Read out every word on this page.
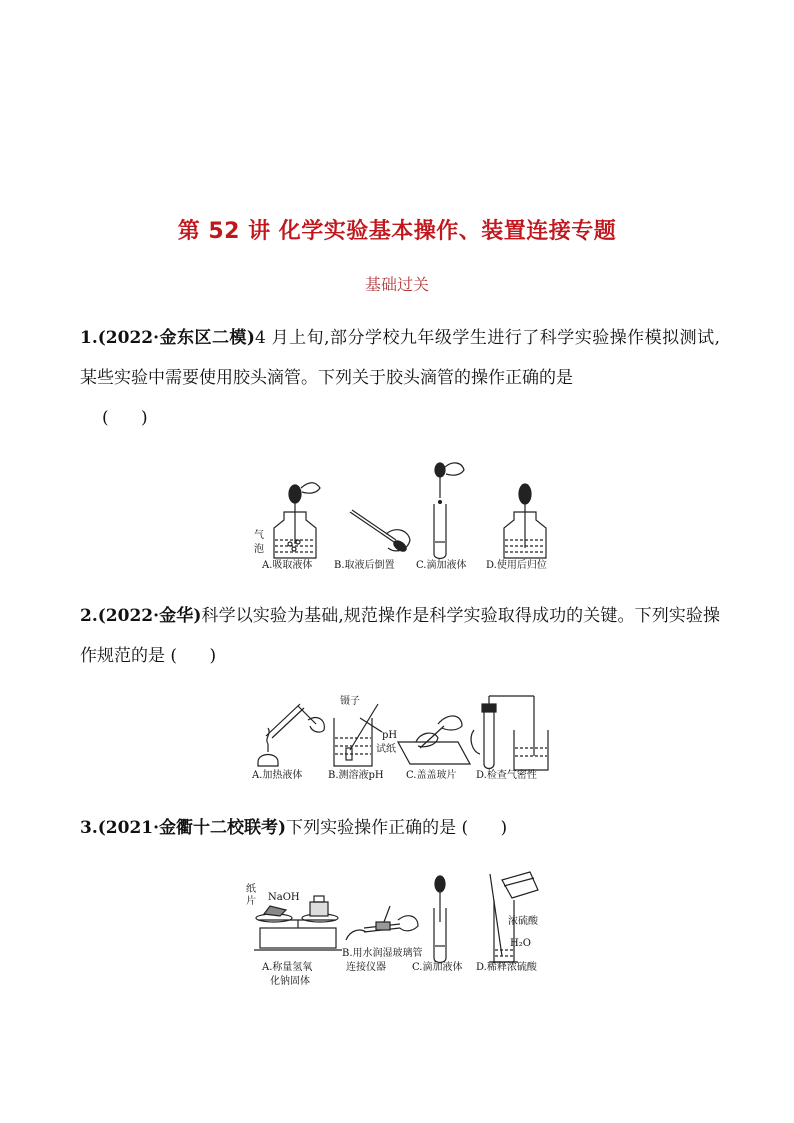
第 52 讲 化学实验基本操作、装置连接专题
基础过关
1.(2022·金东区二模)4 月上旬,部分学校九年级学生进行了科学实验操作模拟测试,某些实验中需要使用胶头滴管。下列关于胶头滴管的操作正确的是
(      )
气
泡
A.吸取液体 B.取液后倒置 C.滴加液体 D.使用后归位
2.(2022·金华)科学以实验为基础,规范操作是科学实验取得成功的关键。下列实验操作规范的是 (      )
镊子
pH
试纸
A.加热液体	B.测溶液pH C.盖盖玻片 D.检查气密性
3.(2021·金衢十二校联考)下列实验操作正确的是 (      )
纸
片 NaOH
浓硫酸
H₂O
A.称量氢氧
化钠固体
B.用水润湿玻璃管
连接仪器	C.滴加液体 D.稀释浓硫酸
